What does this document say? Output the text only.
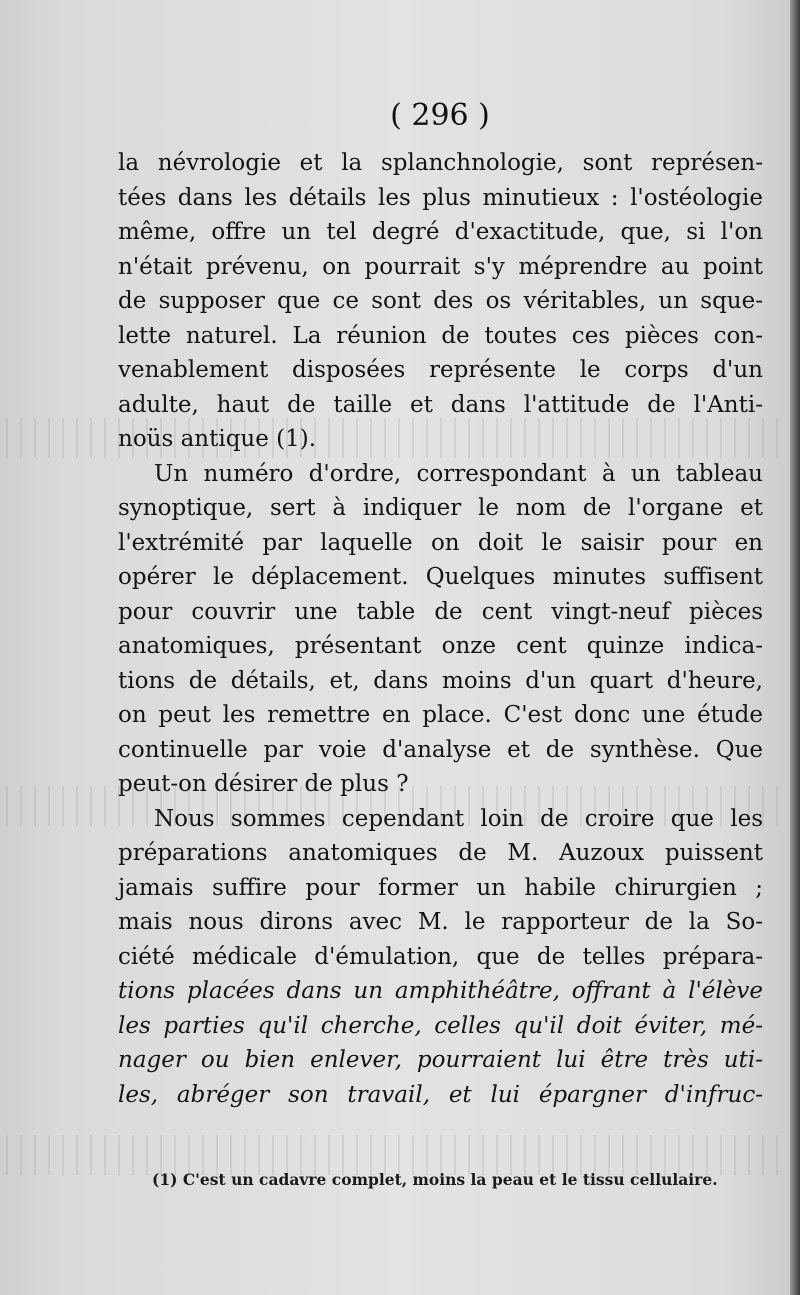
( 296 )
la névrologie et la splanchnologie, sont représen-
tées dans les détails les plus minutieux : l'ostéologie
même, offre un tel degré d'exactitude, que, si l'on
n'était prévenu, on pourrait s'y méprendre au point
de supposer que ce sont des os véritables, un sque-
lette naturel. La réunion de toutes ces pièces con-
venablement disposées représente le corps d'un
adulte, haut de taille et dans l'attitude de l'Anti-
noüs antique (1).
Un numéro d'ordre, correspondant à un tableau
synoptique, sert à indiquer le nom de l'organe et
l'extrémité par laquelle on doit le saisir pour en
opérer le déplacement. Quelques minutes suffisent
pour couvrir une table de cent vingt-neuf pièces
anatomiques, présentant onze cent quinze indica-
tions de détails, et, dans moins d'un quart d'heure,
on peut les remettre en place. C'est donc une étude
continuelle par voie d'analyse et de synthèse. Que
peut-on désirer de plus ?
Nous sommes cependant loin de croire que les
préparations anatomiques de M. Auzoux puissent
jamais suffire pour former un habile chirurgien ;
mais nous dirons avec M. le rapporteur de la So-
ciété médicale d'émulation, que de telles prépara-
tions placées dans un amphithéâtre, offrant à l'élève
les parties qu'il cherche, celles qu'il doit éviter, mé-
nager ou bien enlever, pourraient lui être très uti-
les, abréger son travail, et lui épargner d'infruc-
(1) C'est un cadavre complet, moins la peau et le tissu cellulaire.
